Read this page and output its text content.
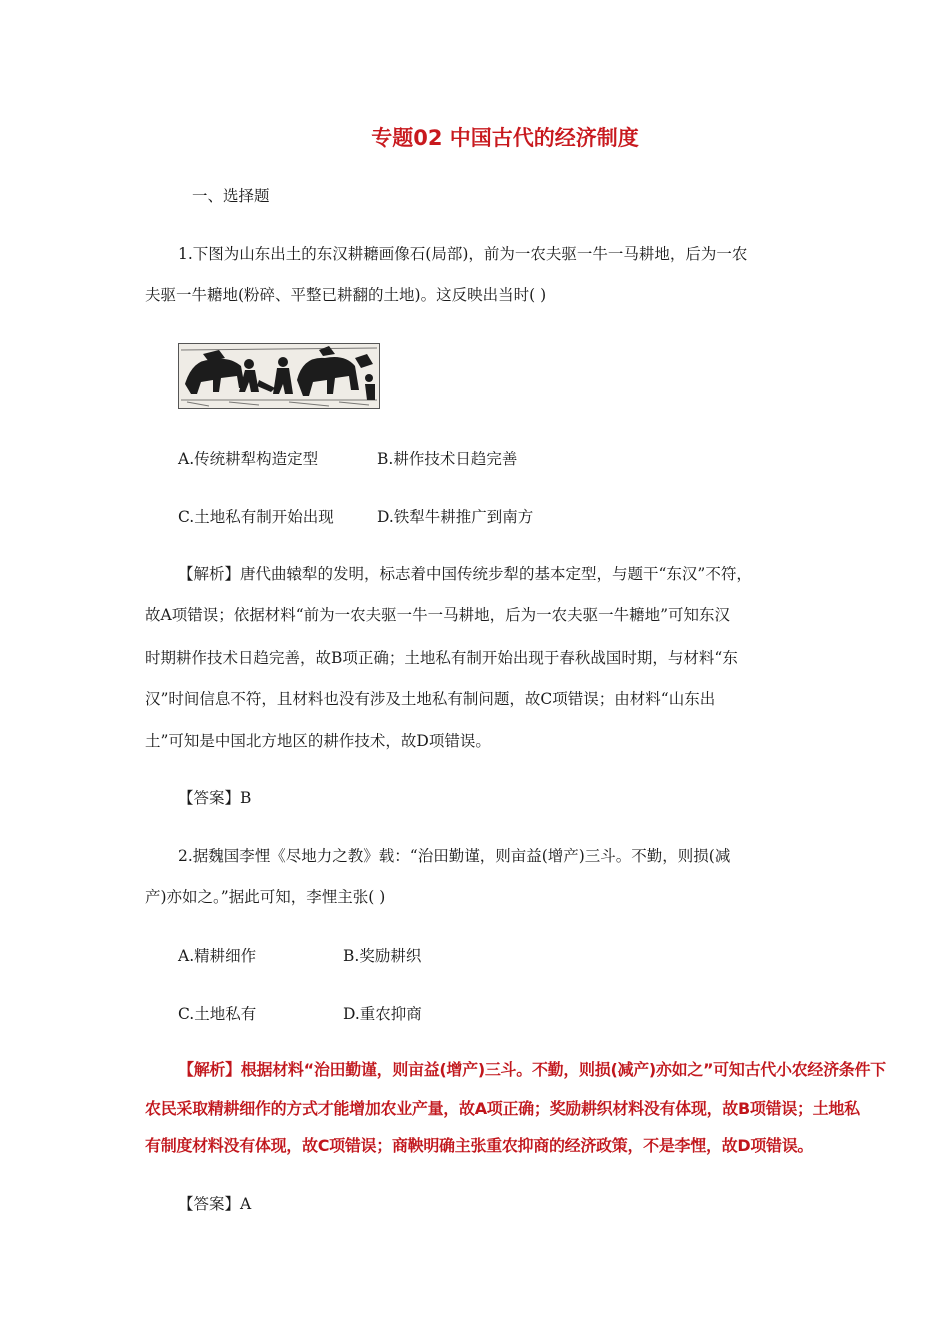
专题02 中国古代的经济制度
一、选择题
1.下图为山东出土的东汉耕耱画像石(局部)，前为一农夫驱一牛一马耕地，后为一农
夫驱一牛耱地(粉碎、平整已耕翻的土地)。这反映出当时( )
A.传统耕犁构造定型	B.耕作技术日趋完善
C.土地私有制开始出现	D.铁犁牛耕推广到南方
【解析】唐代曲辕犁的发明，标志着中国传统步犁的基本定型，与题干“东汉”不符，
故A项错误；依据材料“前为一农夫驱一牛一马耕地，后为一农夫驱一牛耱地”可知东汉
时期耕作技术日趋完善，故B项正确；土地私有制开始出现于春秋战国时期，与材料“东
汉”时间信息不符，且材料也没有涉及土地私有制问题，故C项错误；由材料“山东出
土”可知是中国北方地区的耕作技术，故D项错误。
【答案】B
2.据魏国李悝《尽地力之教》载：“治田勤谨，则亩益(增产)三斗。不勤，则损(减
产)亦如之。”据此可知，李悝主张( )
A.精耕细作	B.奖励耕织
C.土地私有	D.重农抑商
【解析】根据材料“治田勤谨，则亩益(增产)三斗。不勤，则损(减产)亦如之”可知古代小农经济条件下
农民采取精耕细作的方式才能增加农业产量，故A项正确；奖励耕织材料没有体现，故B项错误；土地私
有制度材料没有体现，故C项错误；商鞅明确主张重农抑商的经济政策，不是李悝，故D项错误。
【答案】A
